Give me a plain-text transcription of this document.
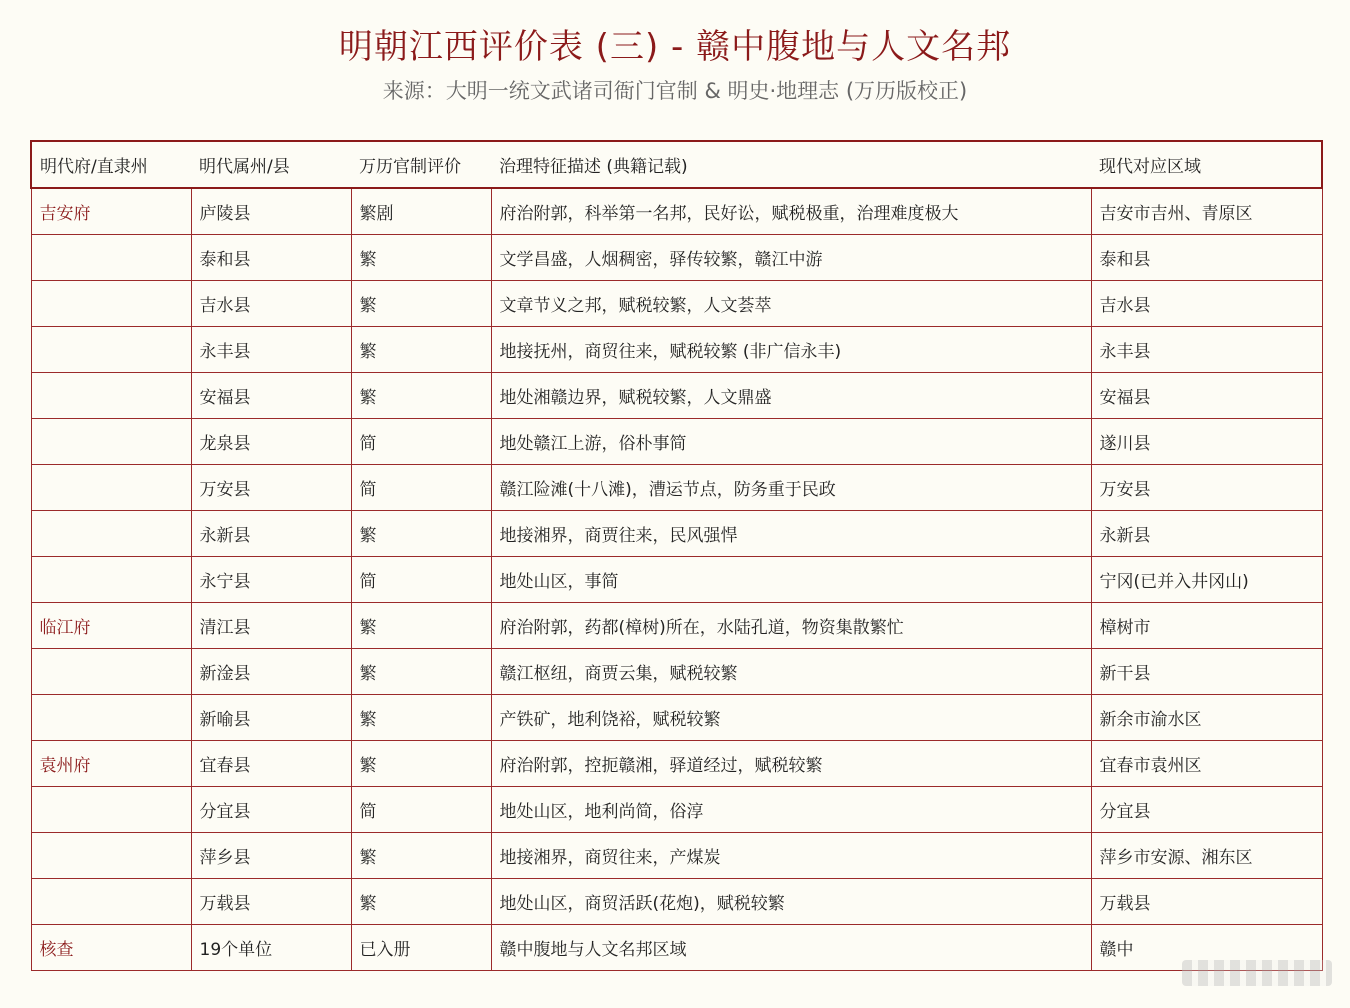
明朝江西评价表 (三) - 赣中腹地与人文名邦
来源：大明一统文武诸司衙门官制 & 明史·地理志 (万历版校正)
明代府/直隶州	明代属州/县	万历官制评价	治理特征描述 (典籍记载)	现代对应区域
吉安府	庐陵县	繁剧	府治附郭，科举第一名邦，民好讼，赋税极重，治理难度极大	吉安市吉州、青原区
	泰和县	繁	文学昌盛，人烟稠密，驿传较繁，赣江中游	泰和县
	吉水县	繁	文章节义之邦，赋税较繁，人文荟萃	吉水县
	永丰县	繁	地接抚州，商贸往来，赋税较繁 (非广信永丰)	永丰县
	安福县	繁	地处湘赣边界，赋税较繁，人文鼎盛	安福县
	龙泉县	简	地处赣江上游，俗朴事简	遂川县
	万安县	简	赣江险滩(十八滩)，漕运节点，防务重于民政	万安县
	永新县	繁	地接湘界，商贾往来，民风强悍	永新县
	永宁县	简	地处山区，事简	宁冈(已并入井冈山)
临江府	清江县	繁	府治附郭，药都(樟树)所在，水陆孔道，物资集散繁忙	樟树市
	新淦县	繁	赣江枢纽，商贾云集，赋税较繁	新干县
	新喻县	繁	产铁矿，地利饶裕，赋税较繁	新余市渝水区
袁州府	宜春县	繁	府治附郭，控扼赣湘，驿道经过，赋税较繁	宜春市袁州区
	分宜县	简	地处山区，地利尚简，俗淳	分宜县
	萍乡县	繁	地接湘界，商贸往来，产煤炭	萍乡市安源、湘东区
	万载县	繁	地处山区，商贸活跃(花炮)，赋税较繁	万载县
核查	19个单位	已入册	赣中腹地与人文名邦区域	赣中
